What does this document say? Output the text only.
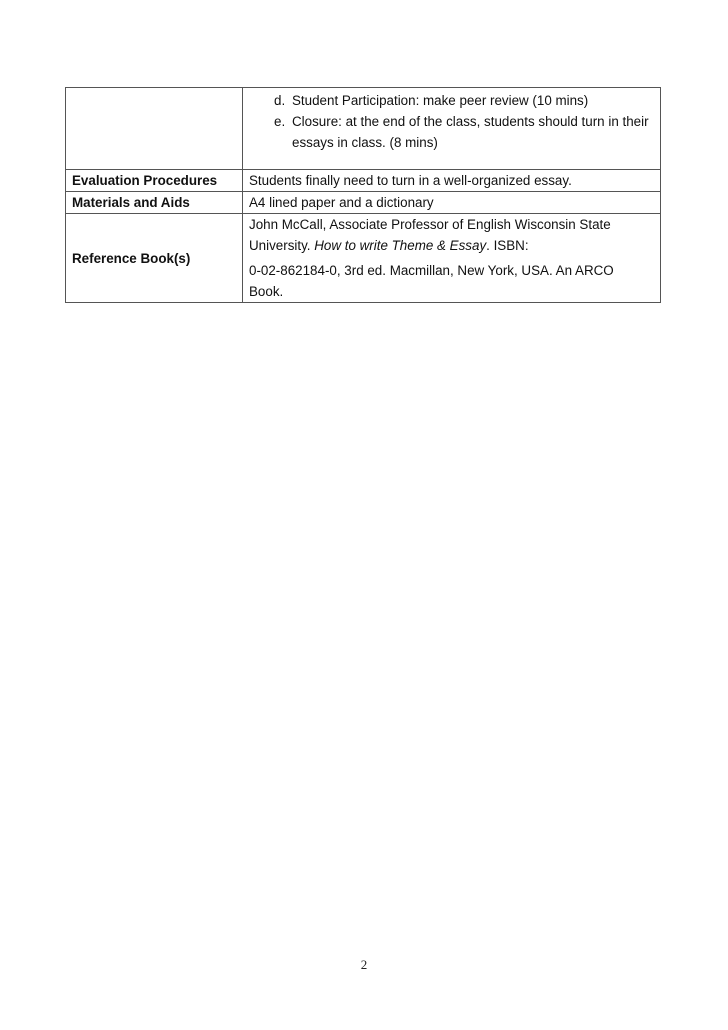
	d. Student Participation: make peer review (10 mins)
e. Closure: at the end of the class, students should turn in their essays in class. (8 mins)

Evaluation Procedures	Students finally need to turn in a well-organized essay.
Materials and Aids	A4 lined paper and a dictionary
Reference Book(s)	John McCall, Associate Professor of English Wisconsin State
University. How to write Theme & Essay. ISBN:
0-02-862184-0, 3rd ed. Macmillan, New York, USA. An ARCO
Book.
2
